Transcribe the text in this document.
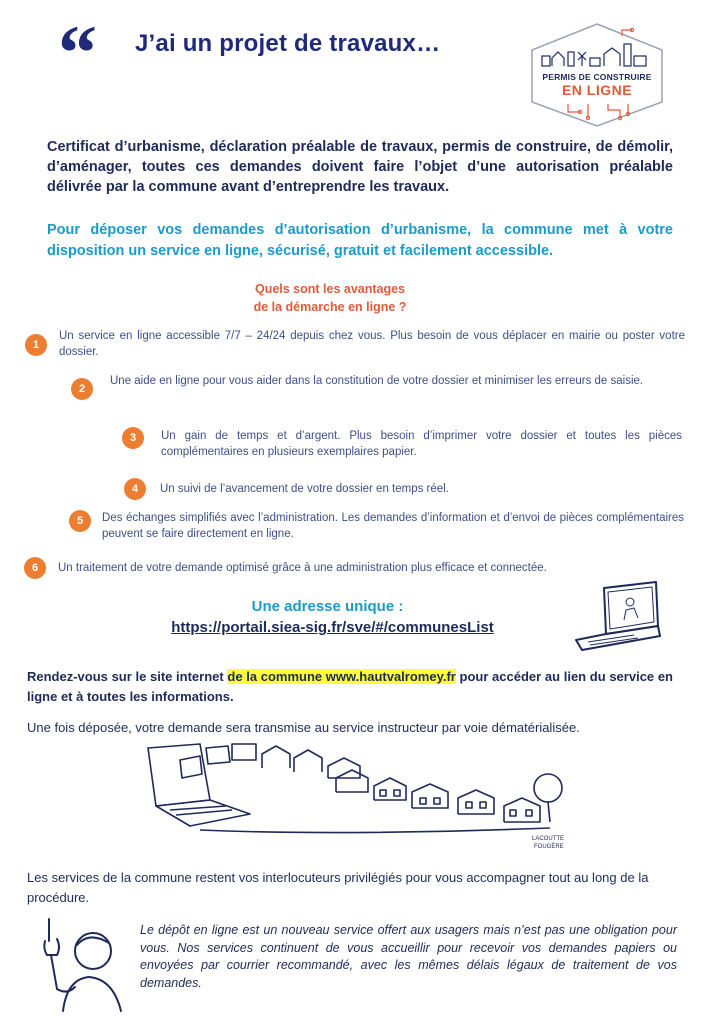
“ J’ai un projet de travaux…
PERMIS DE CONSTRUIRE
EN LIGNE
Certificat d’urbanisme, déclaration préalable de travaux, permis de construire, de démolir, d’aménager, toutes ces demandes doivent faire l’objet d’une autorisation préalable délivrée par la commune avant d’entreprendre les travaux.
Pour déposer vos demandes d’autorisation d’urbanisme, la commune met à votre disposition un service en ligne, sécurisé, gratuit et facilement accessible.
Quels sont les avantages
de la démarche en ligne ?
1
Un service en ligne accessible 7/7 – 24/24 depuis chez vous. Plus besoin de vous déplacer en mairie ou poster votre dossier.
2
Une aide en ligne pour vous aider dans la constitution de votre dossier et minimiser les erreurs de saisie.
3	Un gain de temps et d’argent. Plus besoin d’imprimer votre dossier et toutes les pièces complémentaires en plusieurs exemplaires papier.
4	Un suivi de l’avancement de votre dossier en temps réel.
5	Des échanges simplifiés avec l’administration. Les demandes d’information et d’envoi de pièces complémentaires peuvent se faire directement en ligne.
6	Un traitement de votre demande optimisé grâce à une administration plus efficace et connectée.
Une adresse unique :
https://portail.siea-sig.fr/sve/#/communesList
Rendez-vous sur le site internet de la commune www.hautvalromey.fr pour accéder au lien du service en ligne et à toutes les informations.
Une fois déposée, votre demande sera transmise au service instructeur par voie dématérialisée.
LACOUTTE
FOUGÈRE
Les services de la commune restent vos interlocuteurs privilégiés pour vous accompagner tout au long de la procédure.
Le dépôt en ligne est un nouveau service offert aux usagers mais n’est pas une obligation pour vous. Nos services continuent de vous accueillir pour recevoir vos demandes papiers ou envoyées par courrier recommandé, avec les mêmes délais légaux de traitement de vos demandes.
